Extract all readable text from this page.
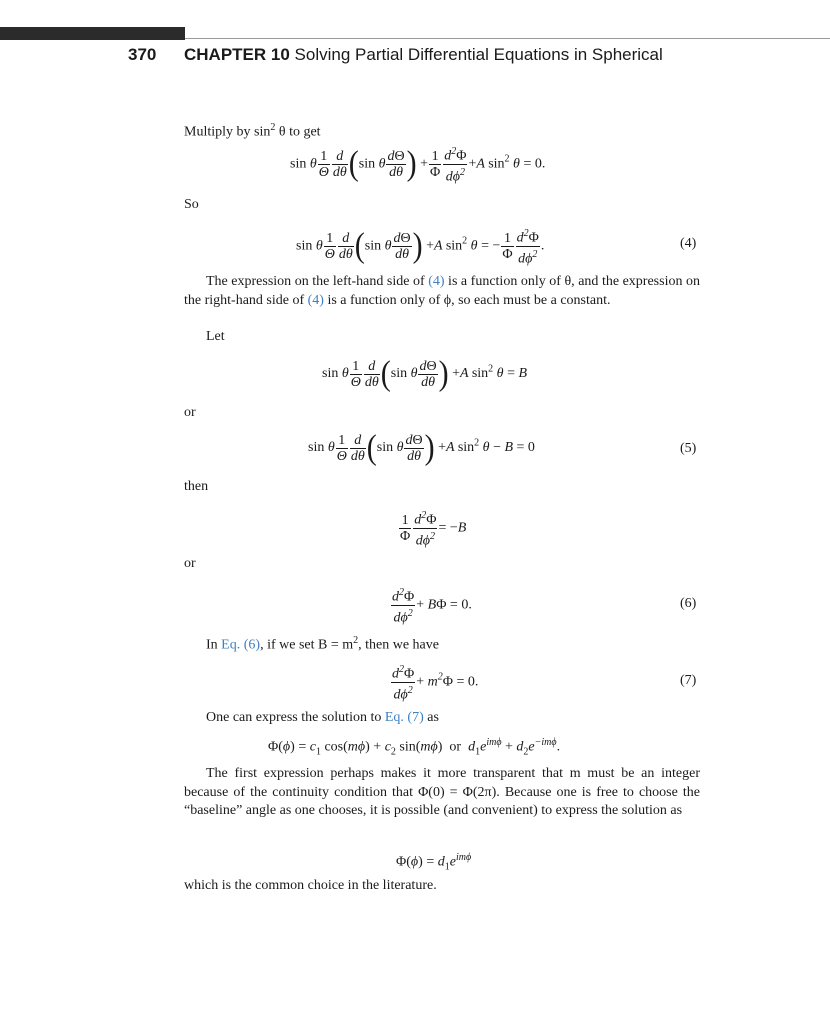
370 CHAPTER 10 Solving Partial Differential Equations in Spherical
Multiply by $\sin^2 \theta$ to get
sin θ $\frac{1}{\Theta} \frac{d}{d\theta} (\sin$ θ $\frac{d\Theta}{d\theta}$ ) + $\frac{1}{\Phi} \frac{d^2\Phi}{d\phi^2} +A$ $\sin^2 \theta = 0$.
So
sin θ $\frac{1}{\Theta} \frac{d}{d\theta} (\sin$ θ $\frac{d\Theta}{d\theta}$ ) +A $\sin^2 \theta$ = − $\frac{1}{\Phi} \frac{d^2\Phi}{d\phi^2}$ .	(4)
The expression on the left-hand side of (4) is a function only of θ, and the expression on the right-hand side of (4) is a function only of ϕ, so each must be a constant.
Let
sin θ $\frac{1}{\Theta} \frac{d}{d\theta} (\sin$ θ $\frac{d\Theta}{d\theta}$ ) +A $\sin^2 \theta = B$
or
sin θ $\frac{1}{\Theta} \frac{d}{d\theta} (\sin$ θ $\frac{d\Theta}{d\theta}$ ) +A $\sin^2 \theta - B = 0$	(5)
then
$\frac{1}{\Phi} \frac{d^2\Phi}{d\phi^2} = -B$
or
$\frac{d^2\Phi}{d\phi^2} + B\Phi = 0$.	(6)
In Eq. (6), if we set $B = m^2$, then we have
$\frac{d^2\Phi}{d\phi^2} + m^2\Phi = 0$.	(7)
One can express the solution to Eq. (7) as
$\Phi(\phi) = c_1$ $\cos(m\phi) + c_2$ sin(mϕ)  or  $d_1e^{im\phi} + d_2e^{-im\phi}$.
The first expression perhaps makes it more transparent that m must be an integer because of the continuity condition that Φ(0) = Φ(2π). Because one is free to choose the “baseline” angle as one chooses, it is possible (and convenient) to express the solution as
$\Phi(\phi) = d_1e^{im\phi}$
which is the common choice in the literature.
